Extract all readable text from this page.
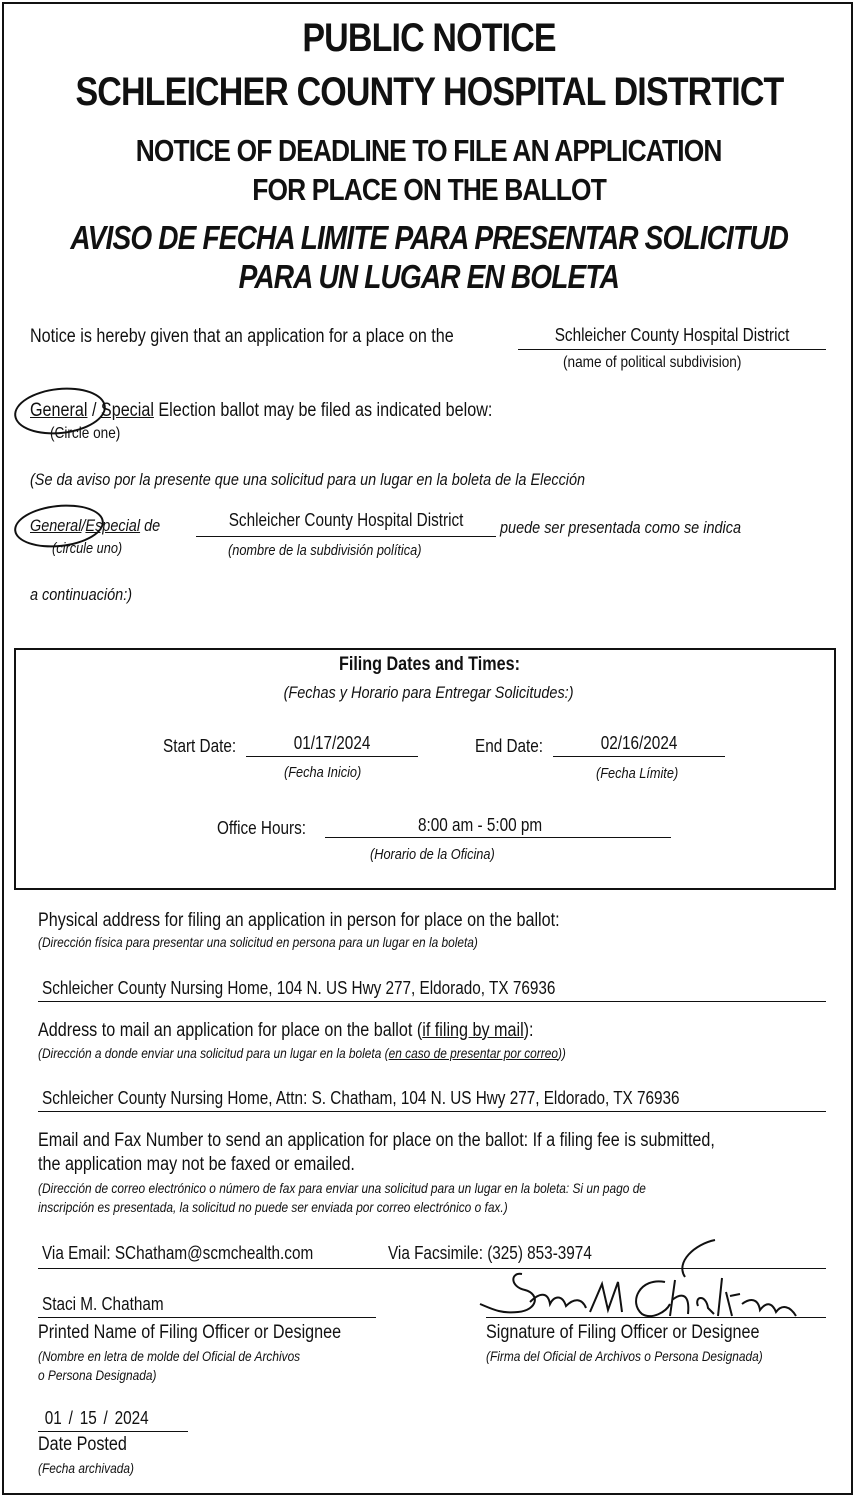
PUBLIC NOTICE
SCHLEICHER COUNTY HOSPITAL DISTRTICT
NOTICE OF DEADLINE TO FILE AN APPLICATION
FOR PLACE ON THE BALLOT
AVISO DE FECHA LIMITE PARA PRESENTAR SOLICITUD
PARA UN LUGAR EN BOLETA
Notice is hereby given that an application for a place on the	Schleicher County Hospital District
(name of political subdivision)
General / Special Election ballot may be filed as indicated below:
(Circle one)
(Se da aviso por la presente que una solicitud para un lugar en la boleta de la Elección
General/Especial de	Schleicher County Hospital District	puede ser presentada como se indica
(circule uno)	(nombre de la subdivisión política)
a continuación:)
Filing Dates and Times:
(Fechas y Horario para Entregar Solicitudes:)
Start Date:	01/17/2024
(Fecha Inicio)
End Date:	02/16/2024
(Fecha Límite)
Office Hours:	8:00 am - 5:00 pm
(Horario de la Oficina)
Physical address for filing an application in person for place on the ballot:
(Dirección física para presentar una solicitud en persona para un lugar en la boleta)
Schleicher County Nursing Home, 104 N. US Hwy 277, Eldorado, TX 76936
Address to mail an application for place on the ballot (if filing by mail):
(Dirección a donde enviar una solicitud para un lugar en la boleta (en caso de presentar por correo))
Schleicher County Nursing Home, Attn: S. Chatham, 104 N. US Hwy 277, Eldorado, TX 76936
Email and Fax Number to send an application for place on the ballot: If a filing fee is submitted,
the application may not be faxed or emailed.
(Dirección de correo electrónico o número de fax para enviar una solicitud para un lugar en la boleta: Si un pago de
inscripción es presentada, la solicitud no puede ser enviada por correo electrónico o fax.)
Via Email: SChatham@scmchealth.com	Via Facsimile: (325) 853-3974
Staci M. Chatham
Printed Name of Filing Officer or Designee
(Nombre en letra de molde del Oficial de Archivos
o Persona Designada)
Signature of Filing Officer or Designee
(Firma del Oficial de Archivos o Persona Designada)
01 / 15 / 2024
Date Posted
(Fecha archivada)
